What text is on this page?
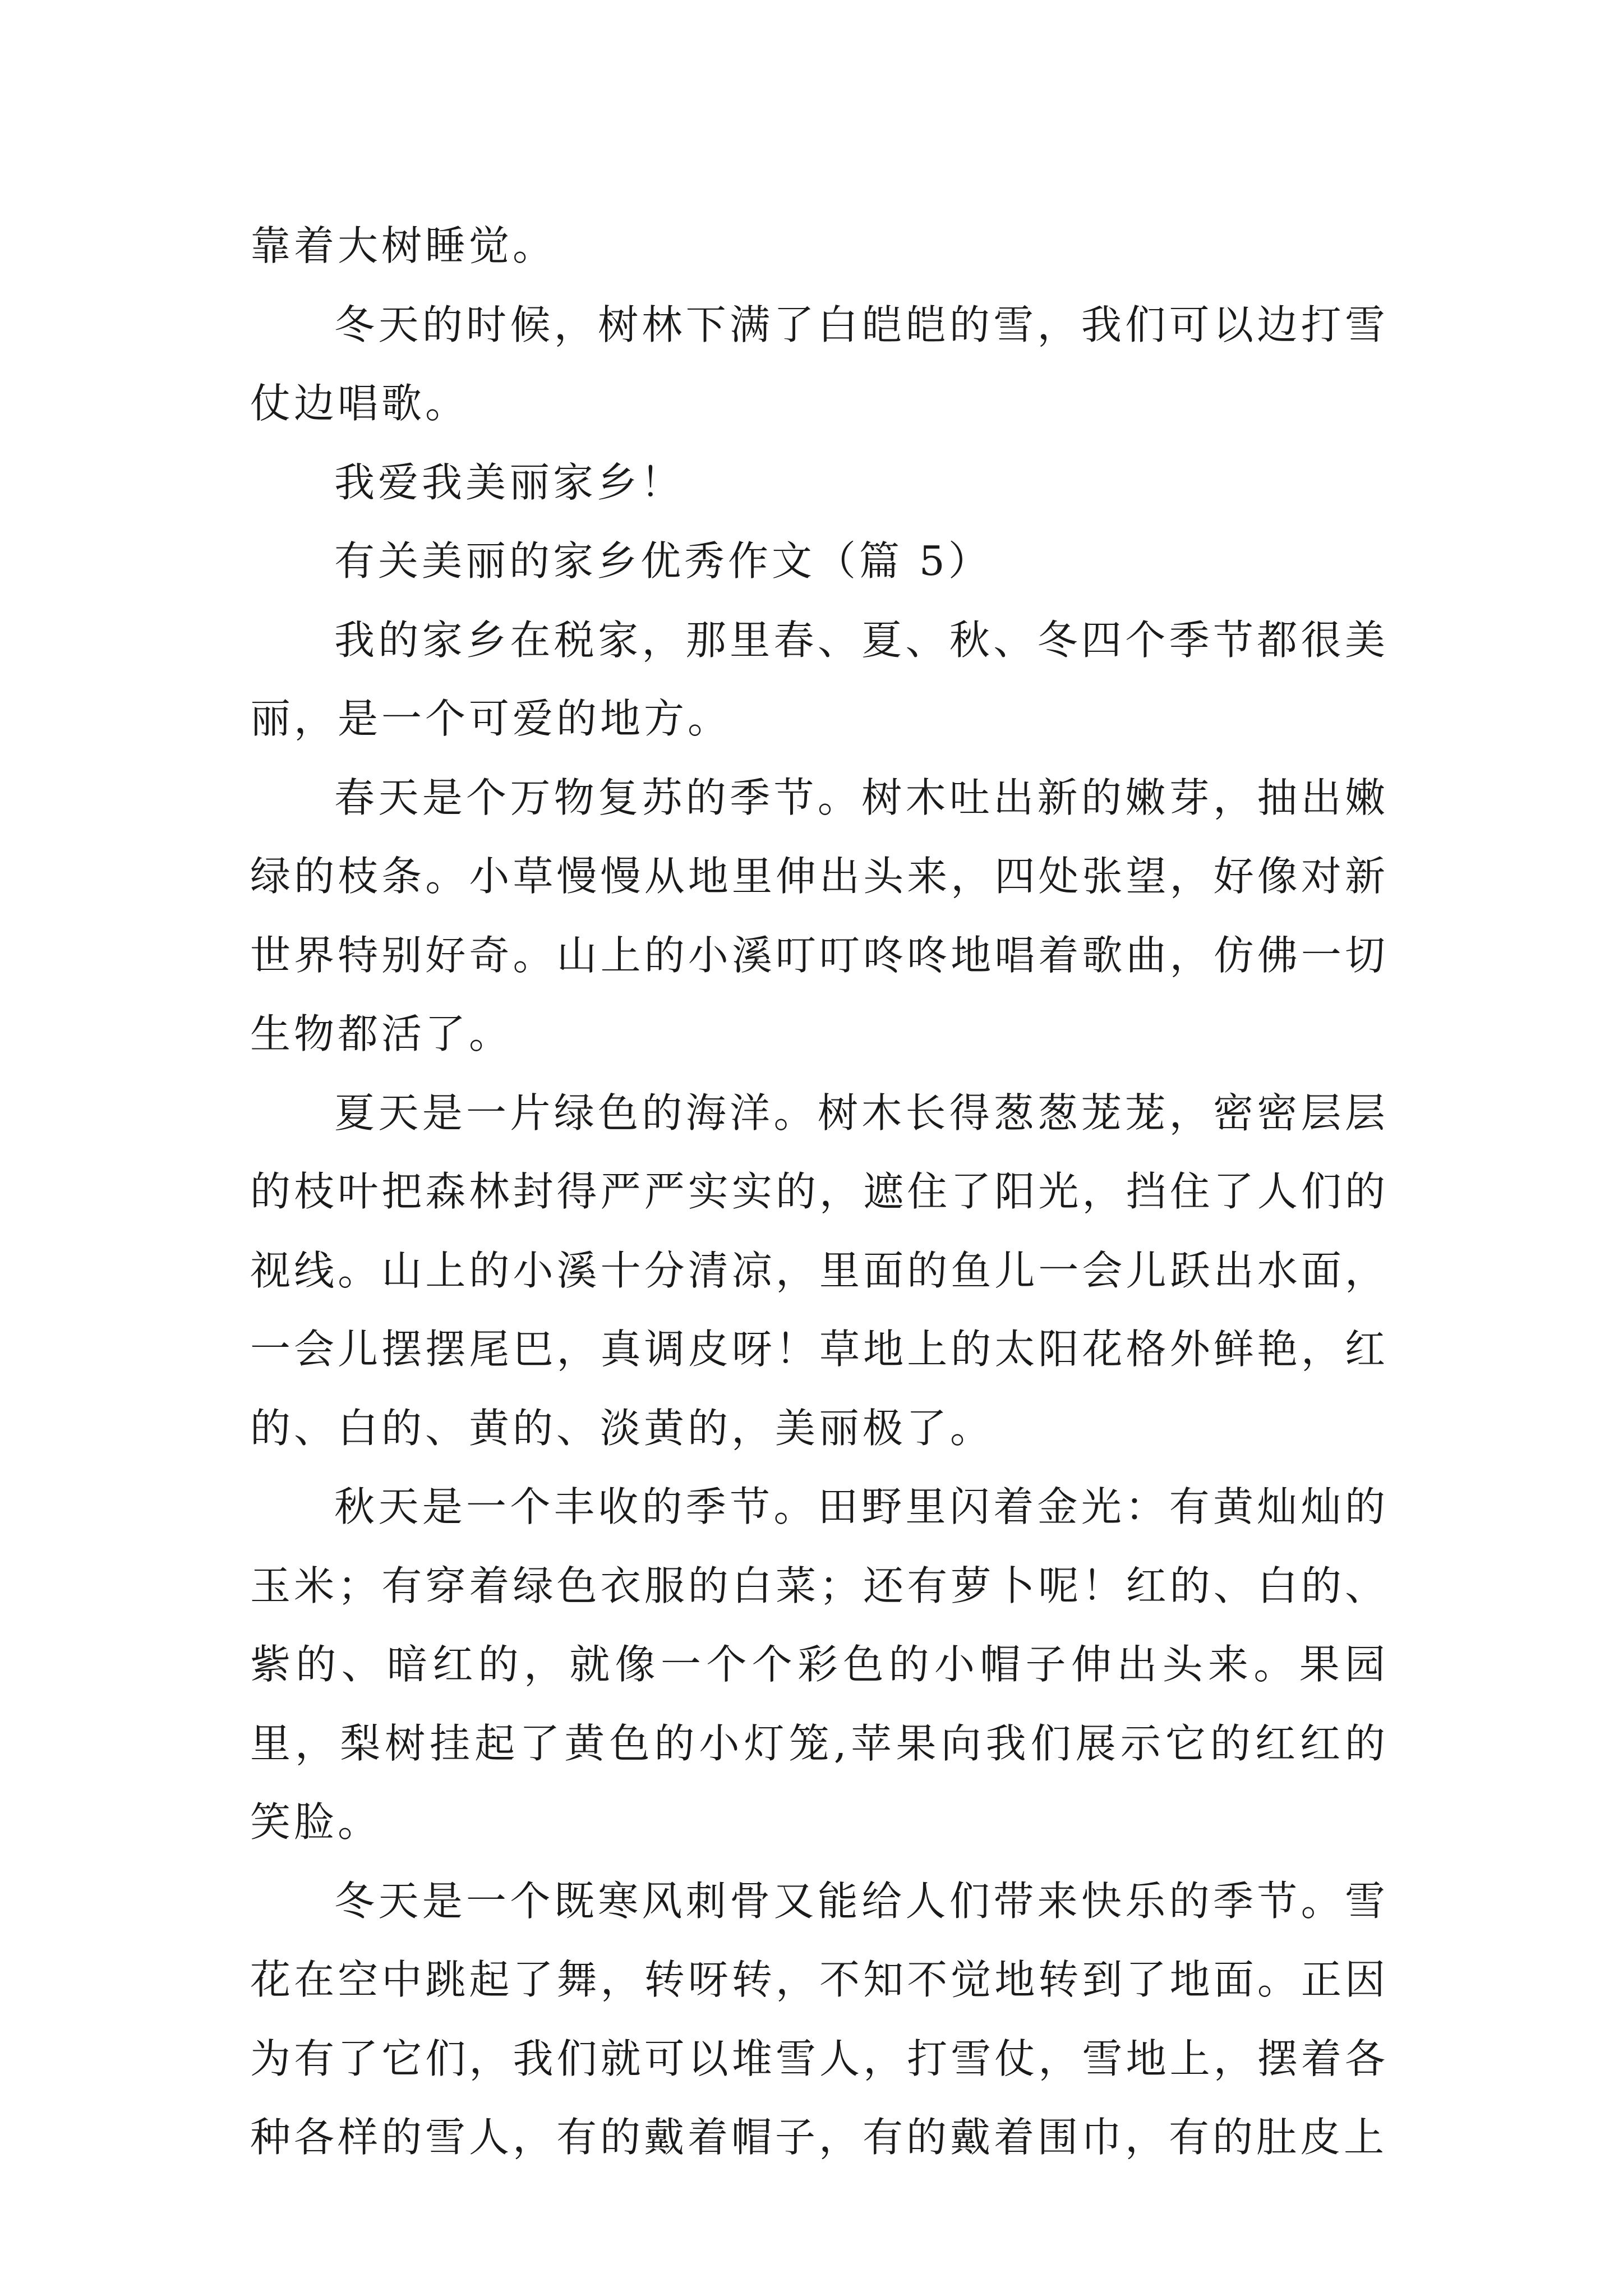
靠着大树睡觉。

冬天的时候，树林下满了白皑皑的雪，我们可以边打雪仗边唱歌。

我爱我美丽家乡！

有关美丽的家乡优秀作文（篇 5）

我的家乡在税家，那里春、夏、秋、冬四个季节都很美丽，是一个可爱的地方。

春天是个万物复苏的季节。树木吐出新的嫩芽，抽出嫩绿的枝条。小草慢慢从地里伸出头来，四处张望，好像对新世界特别好奇。山上的小溪叮叮咚咚地唱着歌曲，仿佛一切生物都活了。

夏天是一片绿色的海洋。树木长得葱葱茏茏，密密层层的枝叶把森林封得严严实实的，遮住了阳光，挡住了人们的视线。山上的小溪十分清凉，里面的鱼儿一会儿跃出水面，一会儿摆摆尾巴，真调皮呀！草地上的太阳花格外鲜艳，红的、白的、黄的、淡黄的，美丽极了。

秋天是一个丰收的季节。田野里闪着金光：有黄灿灿的玉米；有穿着绿色衣服的白菜；还有萝卜呢！红的、白的、紫的、暗红的，就像一个个彩色的小帽子伸出头来。果园里，梨树挂起了黄色的小灯笼,苹果向我们展示它的红红的笑脸。

冬天是一个既寒风刺骨又能给人们带来快乐的季节。雪花在空中跳起了舞，转呀转，不知不觉地转到了地面。正因为有了它们，我们就可以堆雪人，打雪仗，雪地上，摆着各种各样的雪人，有的戴着帽子，有的戴着围巾，有的肚皮上
